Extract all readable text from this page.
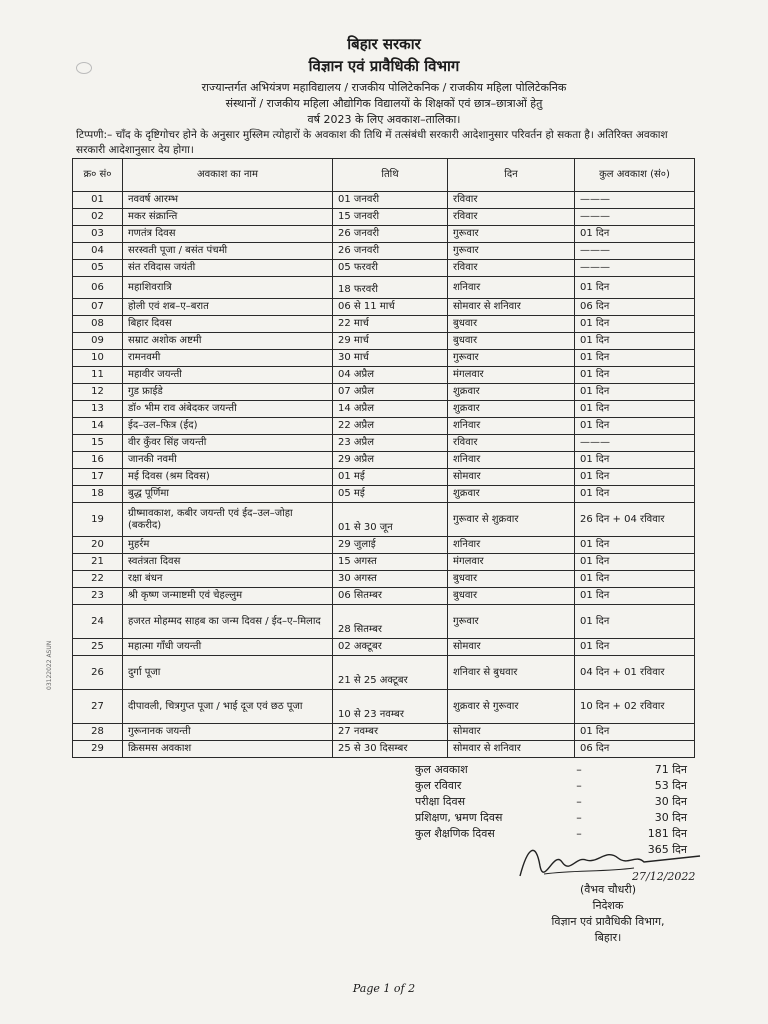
03122022 ASUN
बिहार सरकार
विज्ञान एवं प्रावैधिकी विभाग
राज्यान्तर्गत अभियंत्रण महाविद्यालय / राजकीय पोलिटेकनिक / राजकीय महिला पोलिटेकनिक
संस्थानों / राजकीय महिला औद्योगिक विद्यालयों के शिक्षकों एवं छात्र–छात्राओं हेतु
वर्ष 2023 के लिए अवकाश–तालिका।
टिप्पणी:– चाँद के दृष्टिगोचर होने के अनुसार मुस्लिम त्योहारों के अवकाश की तिथि में तत्संबंधी सरकारी आदेशानुसार परिवर्तन हो सकता है। अतिरिक्त अवकाश सरकारी आदेशानुसार देय होगा।
क्र० सं०	अवकाश का नाम	तिथि	दिन	कुल अवकाश (सं०)
01	नववर्ष आरम्भ	01 जनवरी	रविवार	———
02	मकर संक्रान्ति	15 जनवरी	रविवार	———
03	गणतंत्र दिवस	26 जनवरी	गुरूवार	01 दिन
04	सरस्वती पूजा / बसंत पंचमी	26 जनवरी	गुरूवार	———
05	संत रविदास जयंती	05 फरवरी	रविवार	———
06	महाशिवरात्रि	18 फरवरी	शनिवार	01 दिन
07	होली एवं शब–ए–बरात	06 से 11 मार्च	सोमवार से शनिवार	06 दिन
08	बिहार दिवस	22 मार्च	बुधवार	01 दिन
09	सम्राट अशोक अष्टमी	29 मार्च	बुधवार	01 दिन
10	रामनवमी	30 मार्च	गुरूवार	01 दिन
11	महावीर जयन्ती	04 अप्रैल	मंगलवार	01 दिन
12	गुड फ्राईडे	07 अप्रैल	शुक्रवार	01 दिन
13	डॉ० भीम राव अंबेदकर जयन्ती	14 अप्रैल	शुक्रवार	01 दिन
14	ईद–उल–फित्र (ईद)	22 अप्रैल	शनिवार	01 दिन
15	वीर कुँवर सिंह जयन्ती	23 अप्रैल	रविवार	———
16	जानकी नवमी	29 अप्रैल	शनिवार	01 दिन
17	मई दिवस (श्रम दिवस)	01 मई	सोमवार	01 दिन
18	बुद्ध पूर्णिमा	05 मई	शुक्रवार	01 दिन
19	ग्रीष्मावकाश, कबीर जयन्ती एवं ईद–उल–जोहा (बकरीद)	01 से 30 जून	गुरूवार से शुक्रवार	26 दिन + 04 रविवार
20	मुहर्रम	29 जुलाई	शनिवार	01 दिन
21	स्वतंत्रता दिवस	15 अगस्त	मंगलवार	01 दिन
22	रक्षा बंधन	30 अगस्त	बुधवार	01 दिन
23	श्री कृष्ण जन्माष्टमी एवं चेहल्लुम	06 सितम्बर	बुधवार	01 दिन
24	हजरत मोहम्मद साहब का जन्म दिवस / ईद–ए–मिलाद	28 सितम्बर	गुरूवार	01 दिन
25	महात्मा गाँधी जयन्ती	02 अक्टूबर	सोमवार	01 दिन
26	दुर्गा पूजा	21 से 25 अक्टूबर	शनिवार से बुधवार	04 दिन + 01 रविवार
27	दीपावली, चित्रगुप्त पूजा / भाई दूज एवं छठ पूजा	10 से 23 नवम्बर	शुक्रवार से गुरूवार	10 दिन + 02 रविवार
28	गुरूनानक जयन्ती	27 नवम्बर	सोमवार	01 दिन
29	क्रिसमस अवकाश	25 से 30 दिसम्बर	सोमवार से शनिवार	06 दिन
कुल अवकाश	–	71 दिन
कुल रविवार	–	53 दिन
परीक्षा दिवस	–	30 दिन
प्रशिक्षण, भ्रमण दिवस	–	30 दिन
कुल शैक्षणिक दिवस	–	181 दिन
365 दिन
27/12/2022
(वैभव चौधरी)
निदेशक
विज्ञान एवं प्रावैधिकी विभाग,
बिहार।
Page 1 of 2
